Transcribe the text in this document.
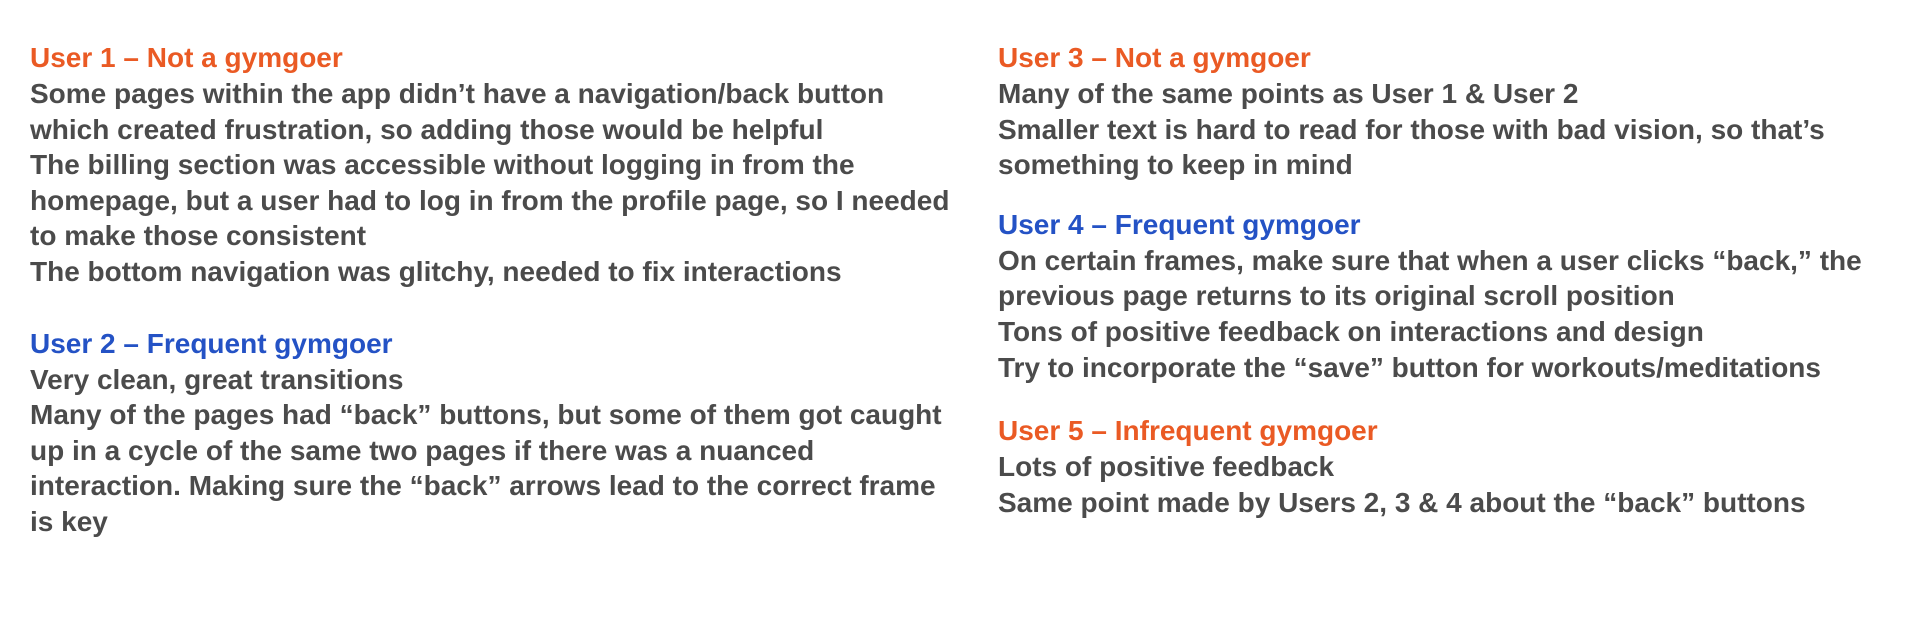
User 1 – Not a gymgoer

Some pages within the app didn’t have a navigation/back button which created frustration, so adding those would be helpful

The billing section was accessible without logging in from the homepage, but a user had to log in from the profile page, so I needed to make those consistent

The bottom navigation was glitchy, needed to fix interactions

User 2 – Frequent gymgoer

Very clean, great transitions

Many of the pages had “back” buttons, but some of them got caught up in a cycle of the same two pages if there was a nuanced interaction. Making sure the “back” arrows lead to the correct frame is key

User 3 – Not a gymgoer

Many of the same points as User 1 & User 2

Smaller text is hard to read for those with bad vision, so that’s something to keep in mind

User 4 – Frequent gymgoer

On certain frames, make sure that when a user clicks “back,” the previous page returns to its original scroll position

Tons of positive feedback on interactions and design

Try to incorporate the “save” button for workouts/meditations

User 5 – Infrequent gymgoer

Lots of positive feedback

Same point made by Users 2, 3 & 4 about the “back” buttons
